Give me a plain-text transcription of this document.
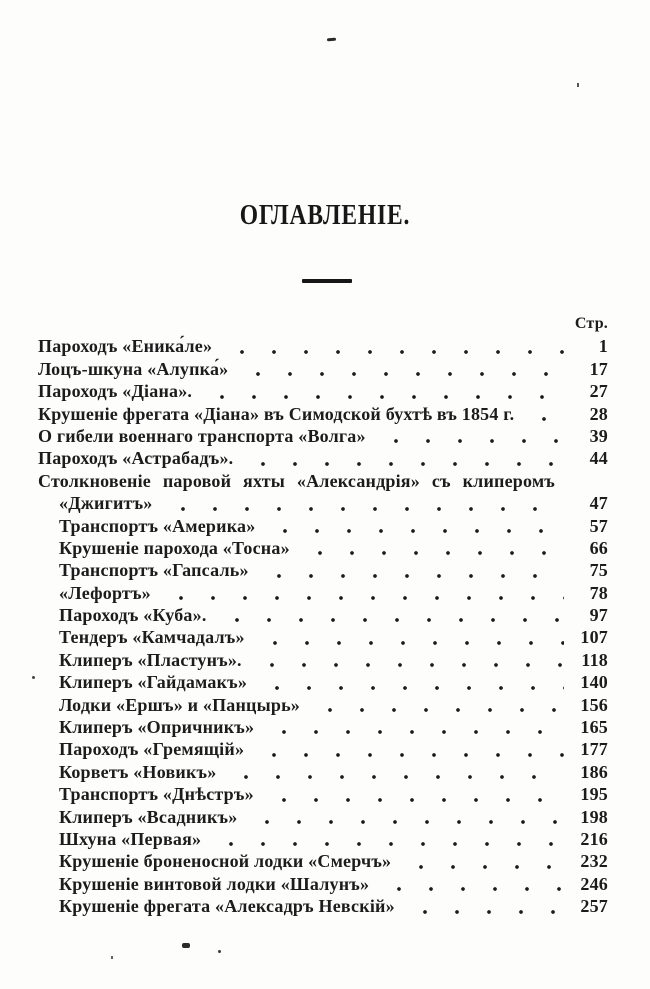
ОГЛАВЛЕНІЕ.
Стр.
Пароходъ «Еника́ле»	1
Лоцъ-шкуна «Алупка́»	17
Пароходъ «Діана».	27
Крушеніе фрегата «Діана» въ Симодской бухтѣ въ 1854 г.	28
О гибели военнаго транспорта «Волга»	39
Пароходъ «Астрабадъ».	44
Столкновеніе паровой яхты «Александрія» съ клиперомъ
«Джигитъ»	47
Транспортъ «Америка»	57
Крушеніе парохода «Тосна»	66
Транспортъ «Гапсаль»	75
«Лефортъ»	78
Пароходъ «Куба».	97
Тендеръ «Камчадалъ»	107
Клиперъ «Пластунъ».	118
Клиперъ «Гайдамакъ»	140
Лодки «Ершъ» и «Панцырь»	156
Клиперъ «Опричникъ»	165
Пароходъ «Гремящій»	177
Корветъ «Новикъ»	186
Транспортъ «Днѣстръ»	195
Клиперъ «Всадникъ»	198
Шхуна «Первая»	216
Крушеніе броненосной лодки «Смерчъ»	232
Крушеніе винтовой лодки «Шалунъ»	246
Крушеніе фрегата «Алексадръ Невскій»	257
